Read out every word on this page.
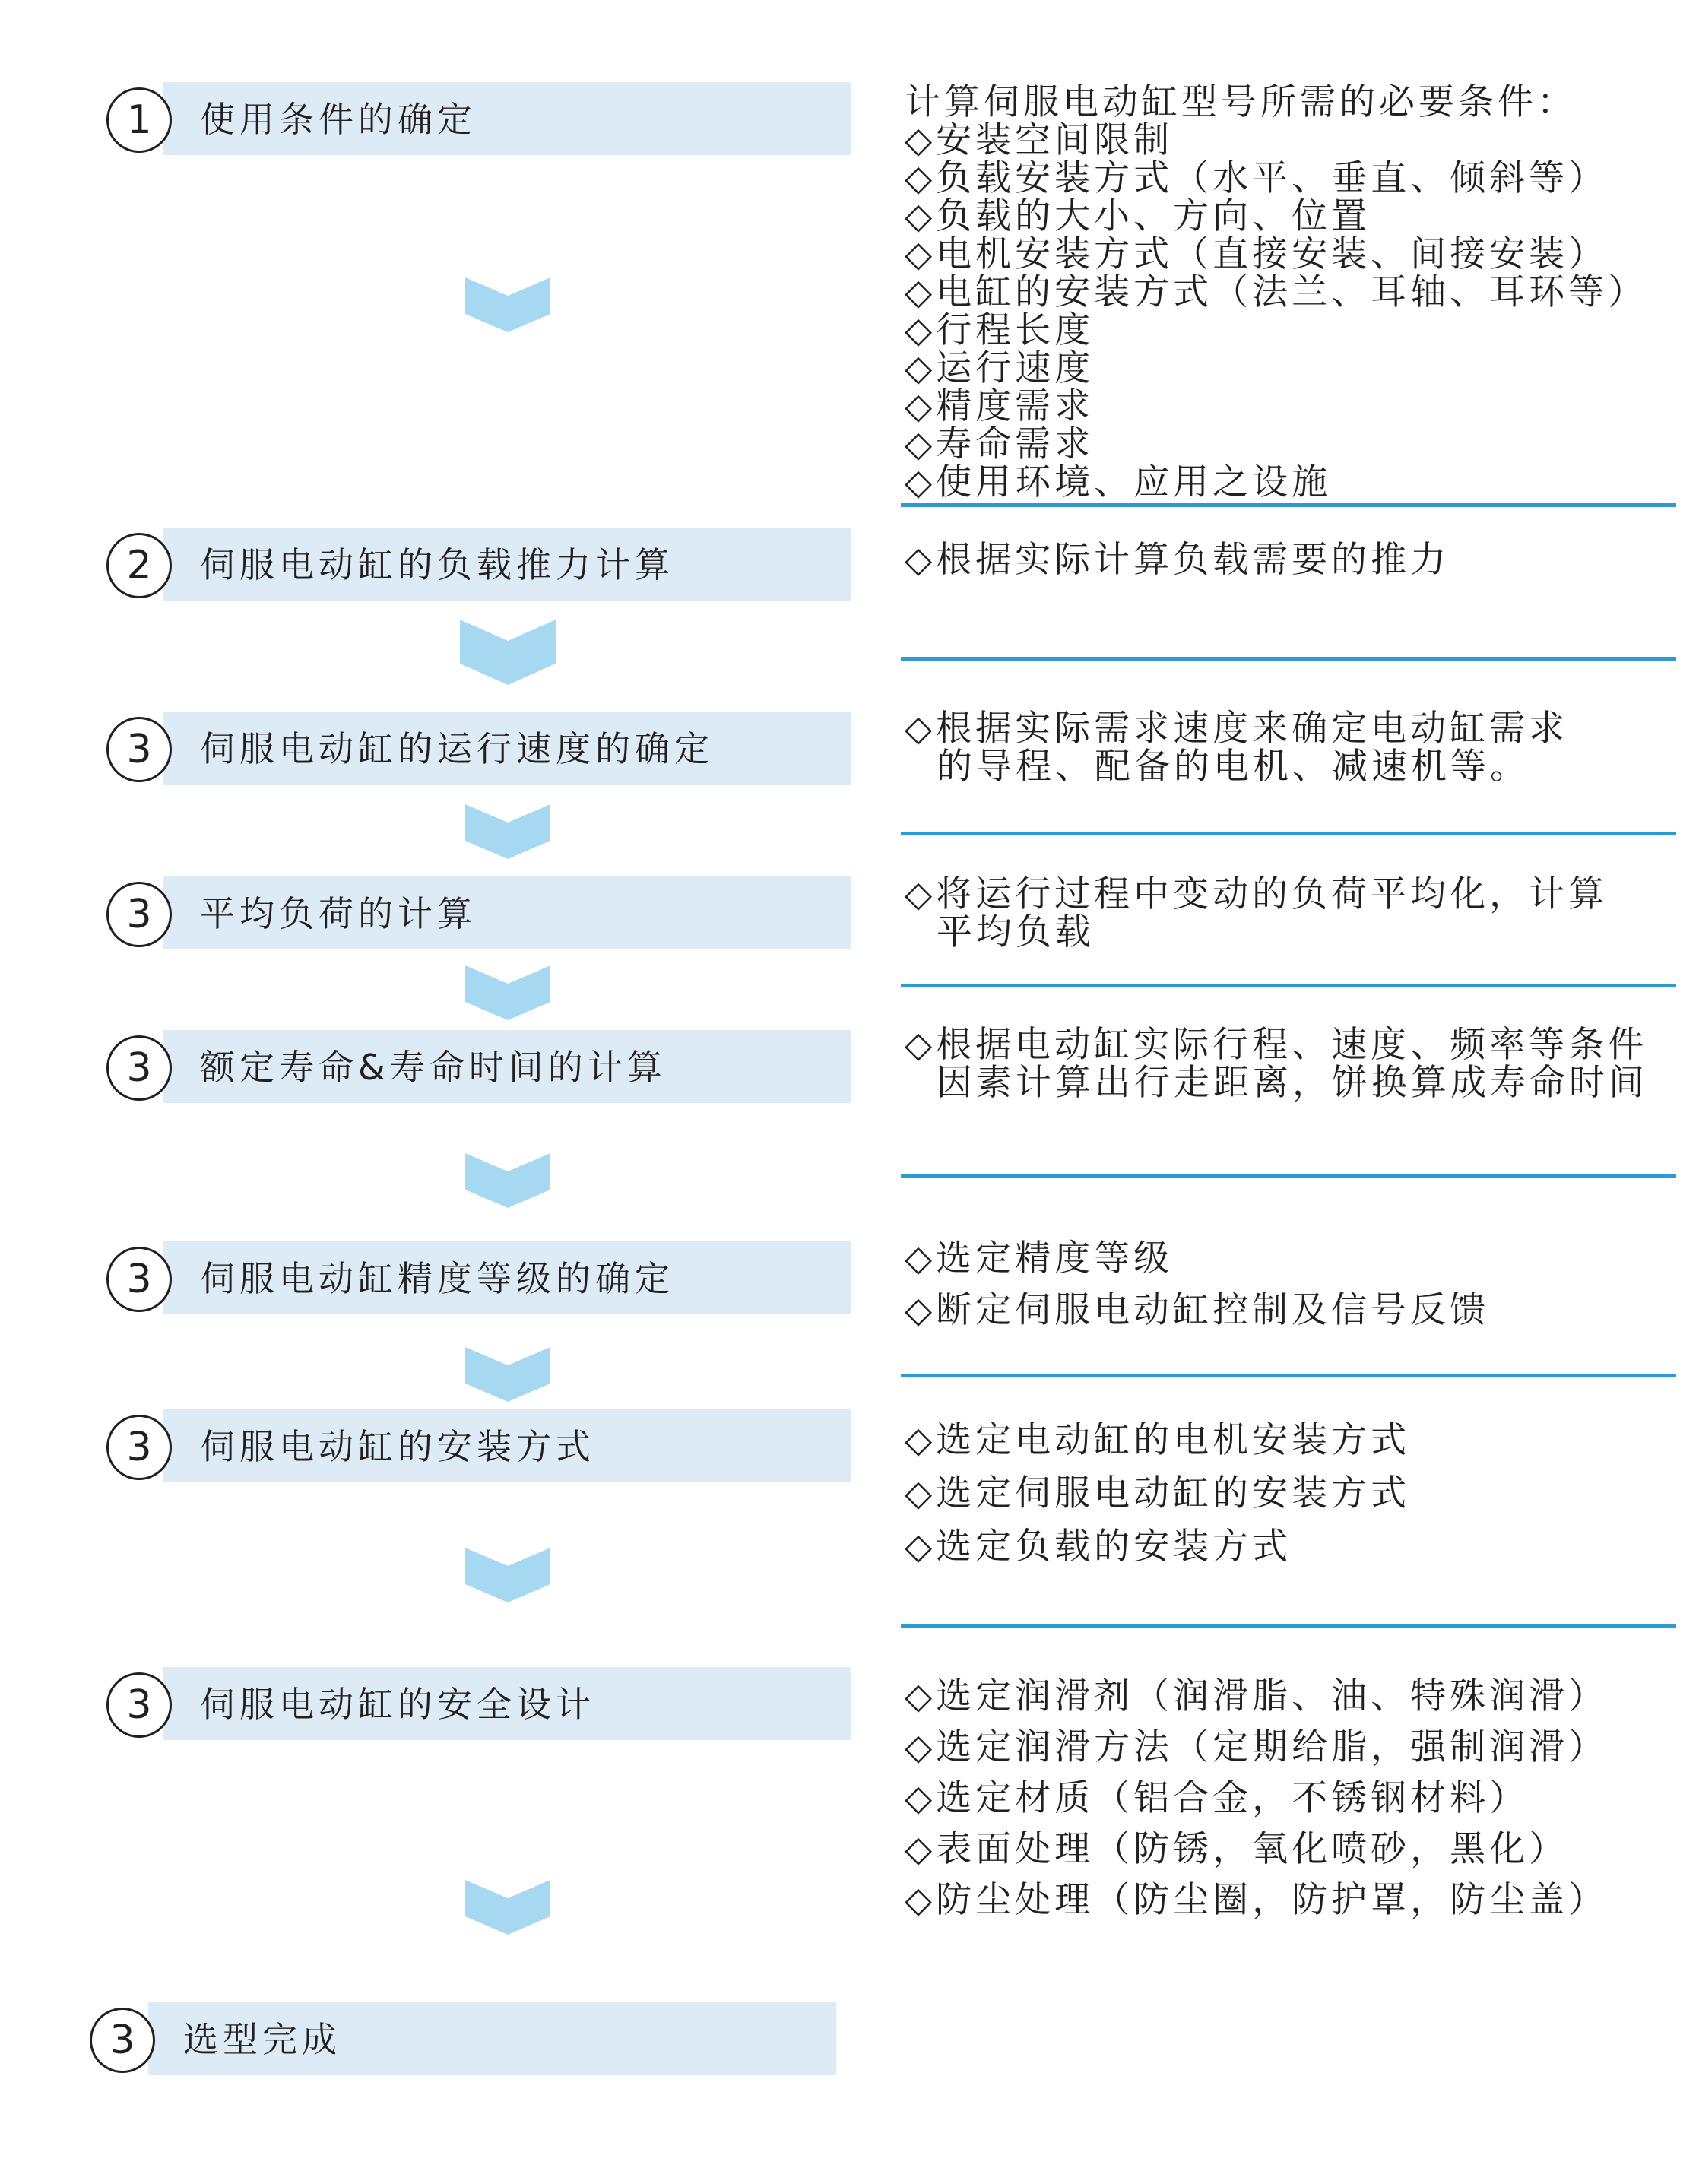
1 使用条件的确定
2 伺服电动缸的负载推力计算
3 伺服电动缸的运行速度的确定
3 平均负荷的计算
3 额定寿命&寿命时间的计算
3 伺服电动缸精度等级的确定
3 伺服电动缸的安装方式
3 伺服电动缸的安全设计
3 选型完成
计算伺服电动缸型号所需的必要条件：
◇安装空间限制
◇负载安装方式（水平、垂直、倾斜等）
◇负载的大小、方向、位置
◇电机安装方式（直接安装、间接安装）
◇电缸的安装方式（法兰、耳轴、耳环等）
◇行程长度
◇运行速度
◇精度需求
◇寿命需求
◇使用环境、应用之设施
◇根据实际计算负载需要的推力
◇根据实际需求速度来确定电动缸需求
的导程、配备的电机、减速机等。
◇将运行过程中变动的负荷平均化，计算
平均负载
◇根据电动缸实际行程、速度、频率等条件
因素计算出行走距离，饼换算成寿命时间
◇选定精度等级
◇断定伺服电动缸控制及信号反馈
◇选定电动缸的电机安装方式
◇选定伺服电动缸的安装方式
◇选定负载的安装方式
◇选定润滑剂（润滑脂、油、特殊润滑）
◇选定润滑方法（定期给脂，强制润滑）
◇选定材质（铝合金，不锈钢材料）
◇表面处理（防锈，氧化喷砂，黑化）
◇防尘处理（防尘圈，防护罩，防尘盖）
